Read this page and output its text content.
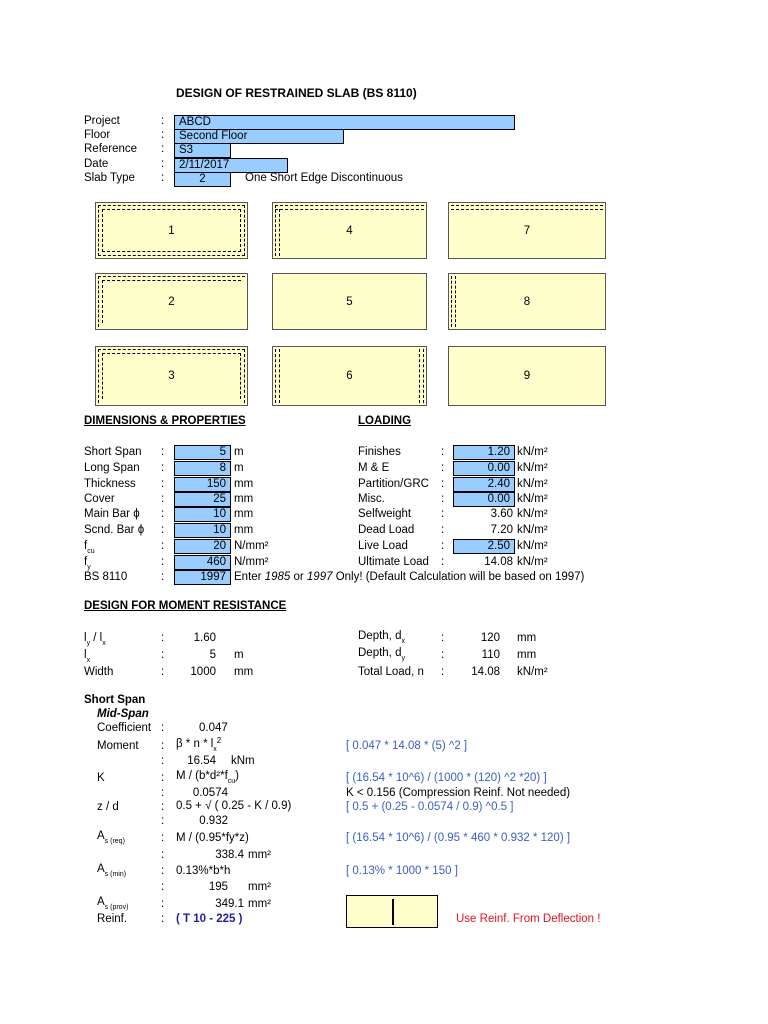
DESIGN OF RESTRAINED SLAB (BS 8110)
Project	:	ABCD
Floor	:	Second Floor
Reference :	S3
Date	:	2/11/2017
Slab Type :	2	One Short Edge Discontinuous
1	4	7
2	5	8
3	6	9
DIMENSIONS & PROPERTIES
Short Span :	5 m
Long Span :	8 m
Thickness :	150 mm
Cover	:	25 mm
Main Bar ϕ :	10 mm
Scnd. Bar ϕ :	10 mm
$f_{cu}$	:	20 N/mm²
$f_y$	:	460 N/mm²
BS 8110	:	1997 Enter 1985 or 1997 Only! (Default Calculation will be based on 1997)
LOADING
Finishes	:	1.20 kN/m²
M & E	:	0.00 kN/m²
Partition/GRC :	2.40 kN/m²
Misc.	:	0.00 kN/m²
Selfweight	:	3.60 kN/m²
Dead Load :	7.20 kN/m²
Live Load	:	2.50 kN/m²
Ultimate Load :	14.08 kN/m²
DESIGN FOR MOMENT RESISTANCE
$l_y / l_x$	:	1.60
$l_x$	:	5 m
Width	:	1000 mm
Depth, $d_x$	:	120 mm
Depth, $d_y$	:	110 mm
Total Load, n :	14.08 kN/m²
Short Span
Mid-Span
Coefficient :	0.047
Moment : β * n * $l_x^2$	[ 0.047 * 14.08 * (5) ^2 ]
:	16.54 kNm
K	: M / $(b*d^2*f_{cu})$	[ (16.54 * 10^6) / (1000 * (120) ^2 *20) ]
:	0.0574	K < 0.156 (Compression Reinf. Not needed)
z / d	: 0.5 + √ ( 0.25 - K / 0.9)	[ 0.5 + (0.25 - 0.0574 / 0.9) ^0.5 ]
:	0.932
$A_{s (req)}$	: M / (0.95*fy*z)	[ (16.54 * 10^6) / (0.95 * 460 * 0.932 * 120) ]
:	338.4 mm²
$A_{s (min)}$	: 0.13%*b*h	[ 0.13% * 1000 * 150 ]
:	195 mm²
$A_{s (prov)}$	:	349.1 mm²
Reinf.	: ( T 10 - 225 )	Use Reinf. From Deflection !
